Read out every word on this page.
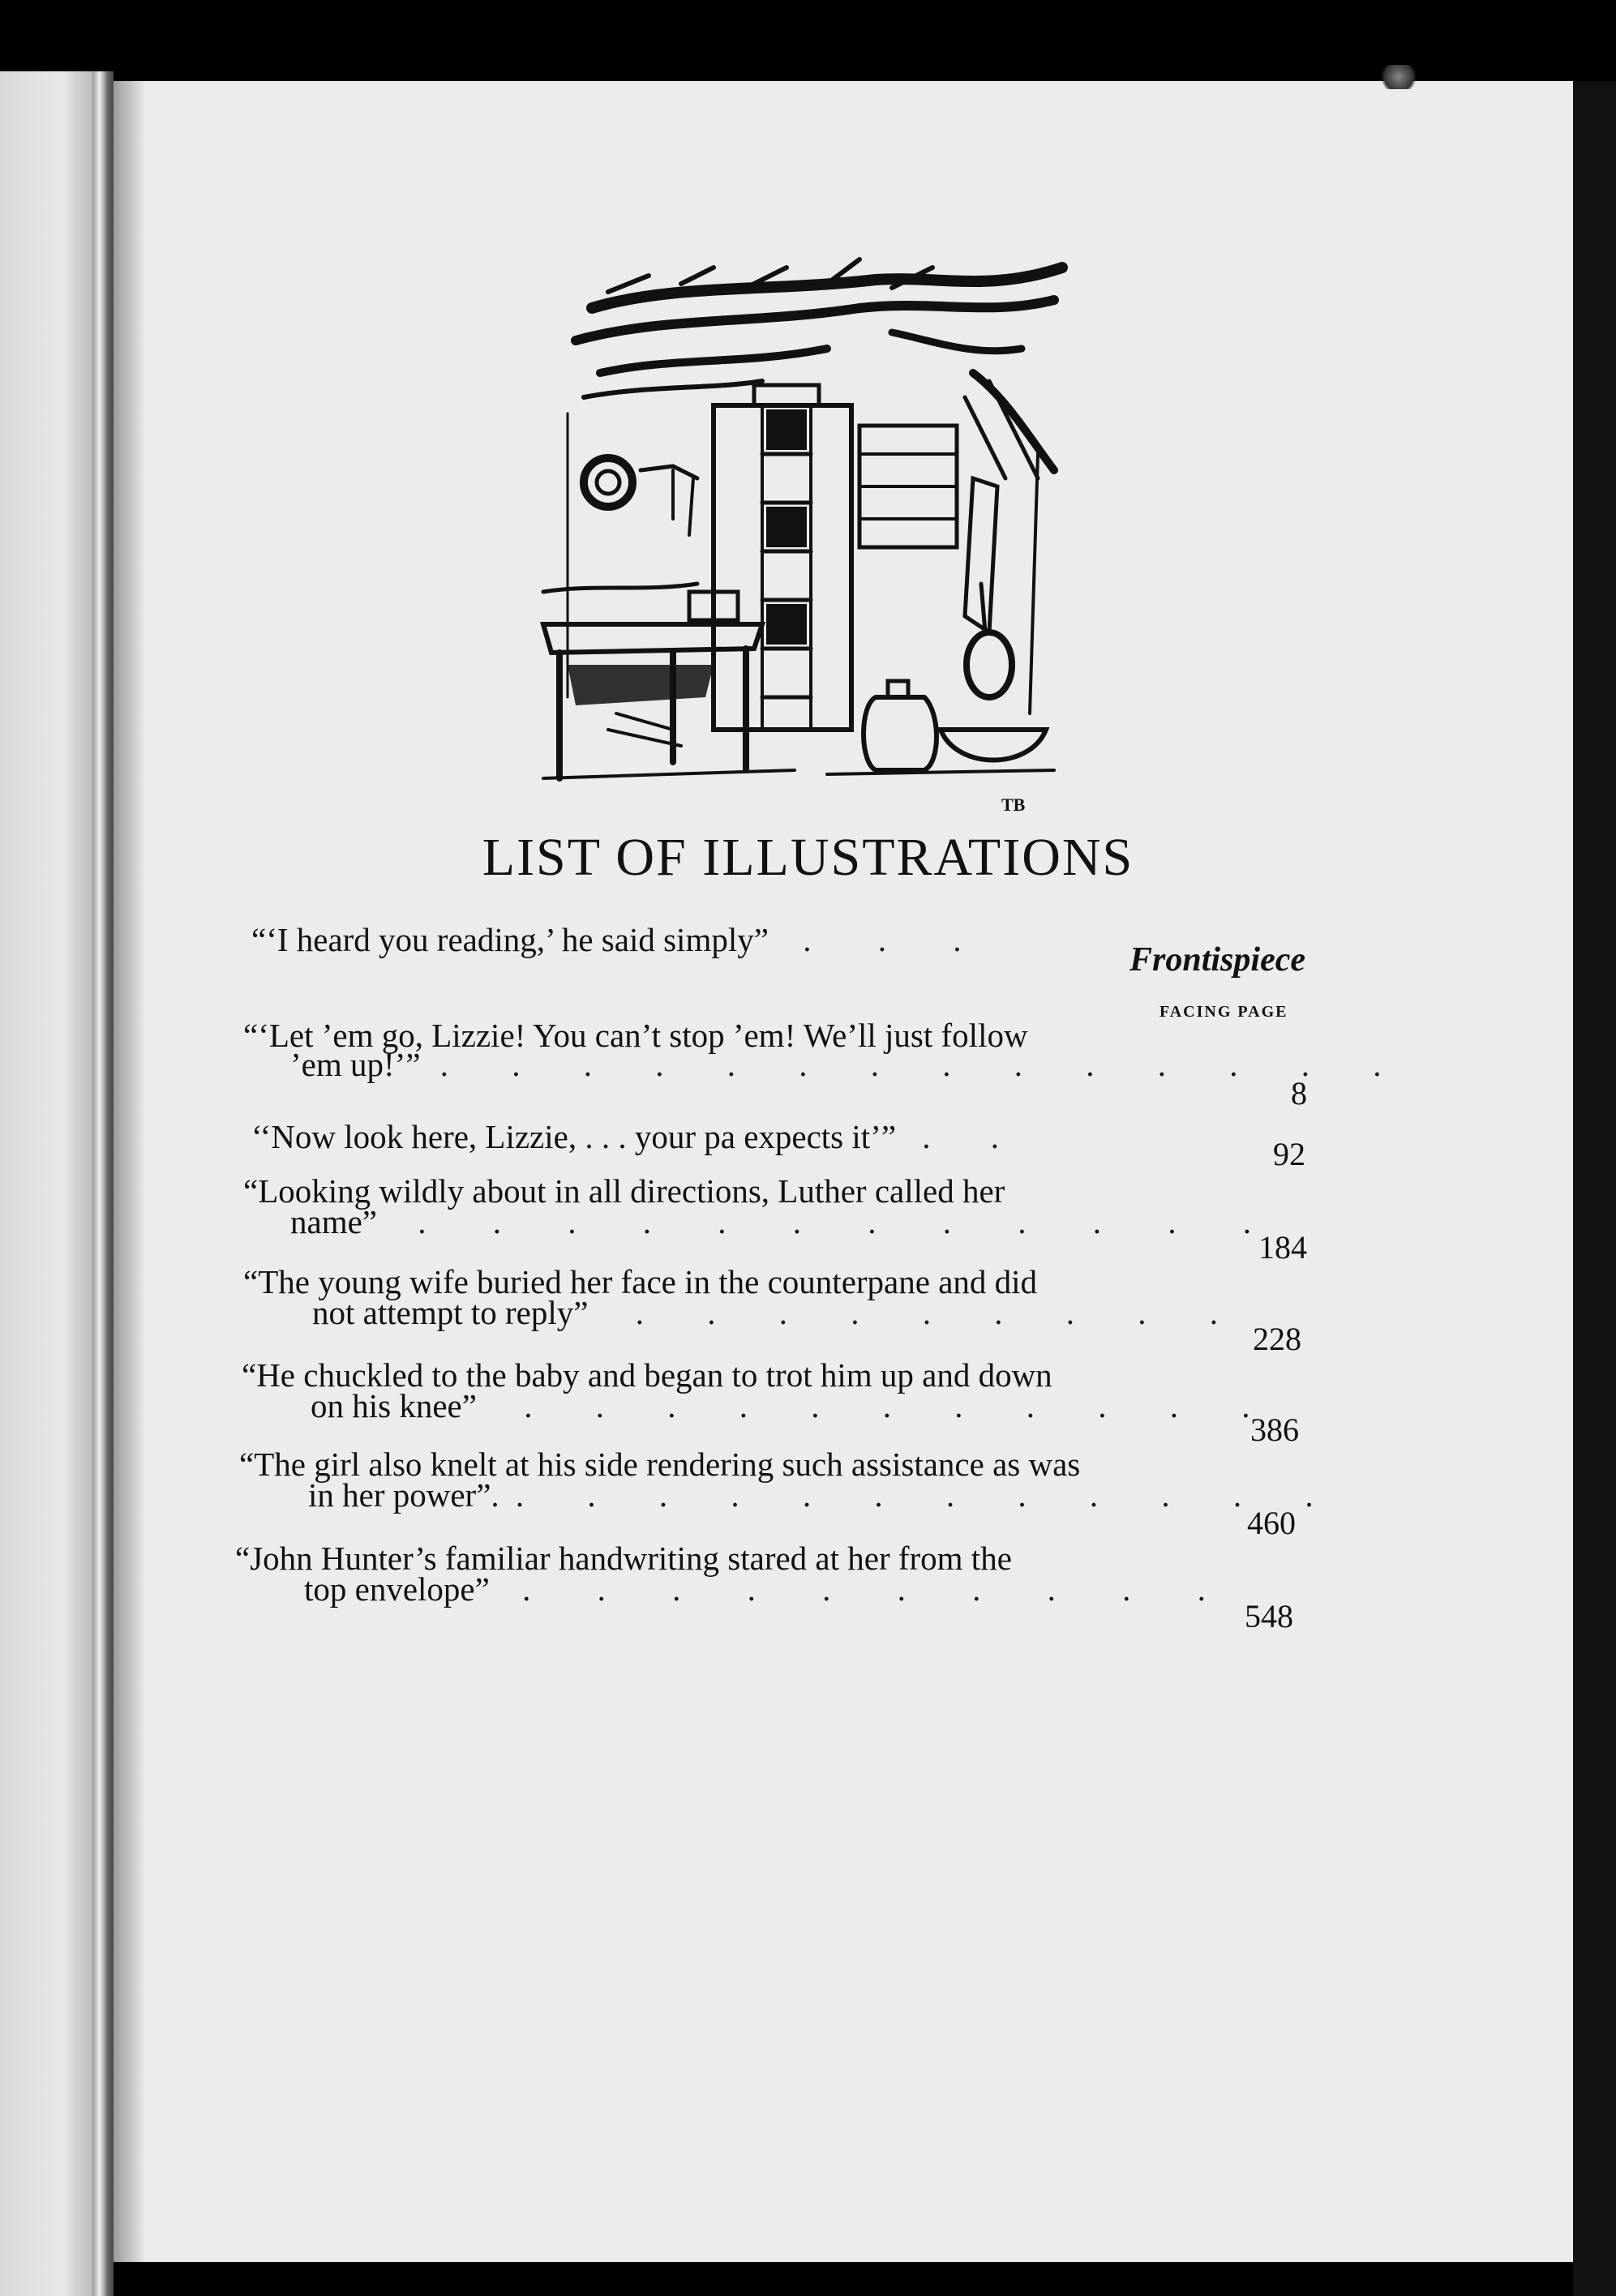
TB
LIST OF ILLUSTRATIONS
“‘I heard you reading,’ he said simply” . . .
Frontispiece
FACING PAGE
“‘Let ’em go, Lizzie! You can’t stop ’em! We’ll just follow
’em up!’” . . . . . . . . . . . . . .
8
‘‘Now look here, Lizzie, . . . your pa expects it’” . .	92
“Looking wildly about in all directions, Luther called her
name” . . . . . . . . . . . .
184
“The young wife buried her face in the counterpane and did
not attempt to reply” . . . . . . . . .
228
“He chuckled to the baby and began to trot him up and down
on his knee” . . . . . . . . . . .
386
“The girl also knelt at his side rendering such assistance as was
in her power”. . . . . . . . . . . . .
460
“John Hunter’s familiar handwriting stared at her from the
top envelope” . . . . . . . . . .
548
